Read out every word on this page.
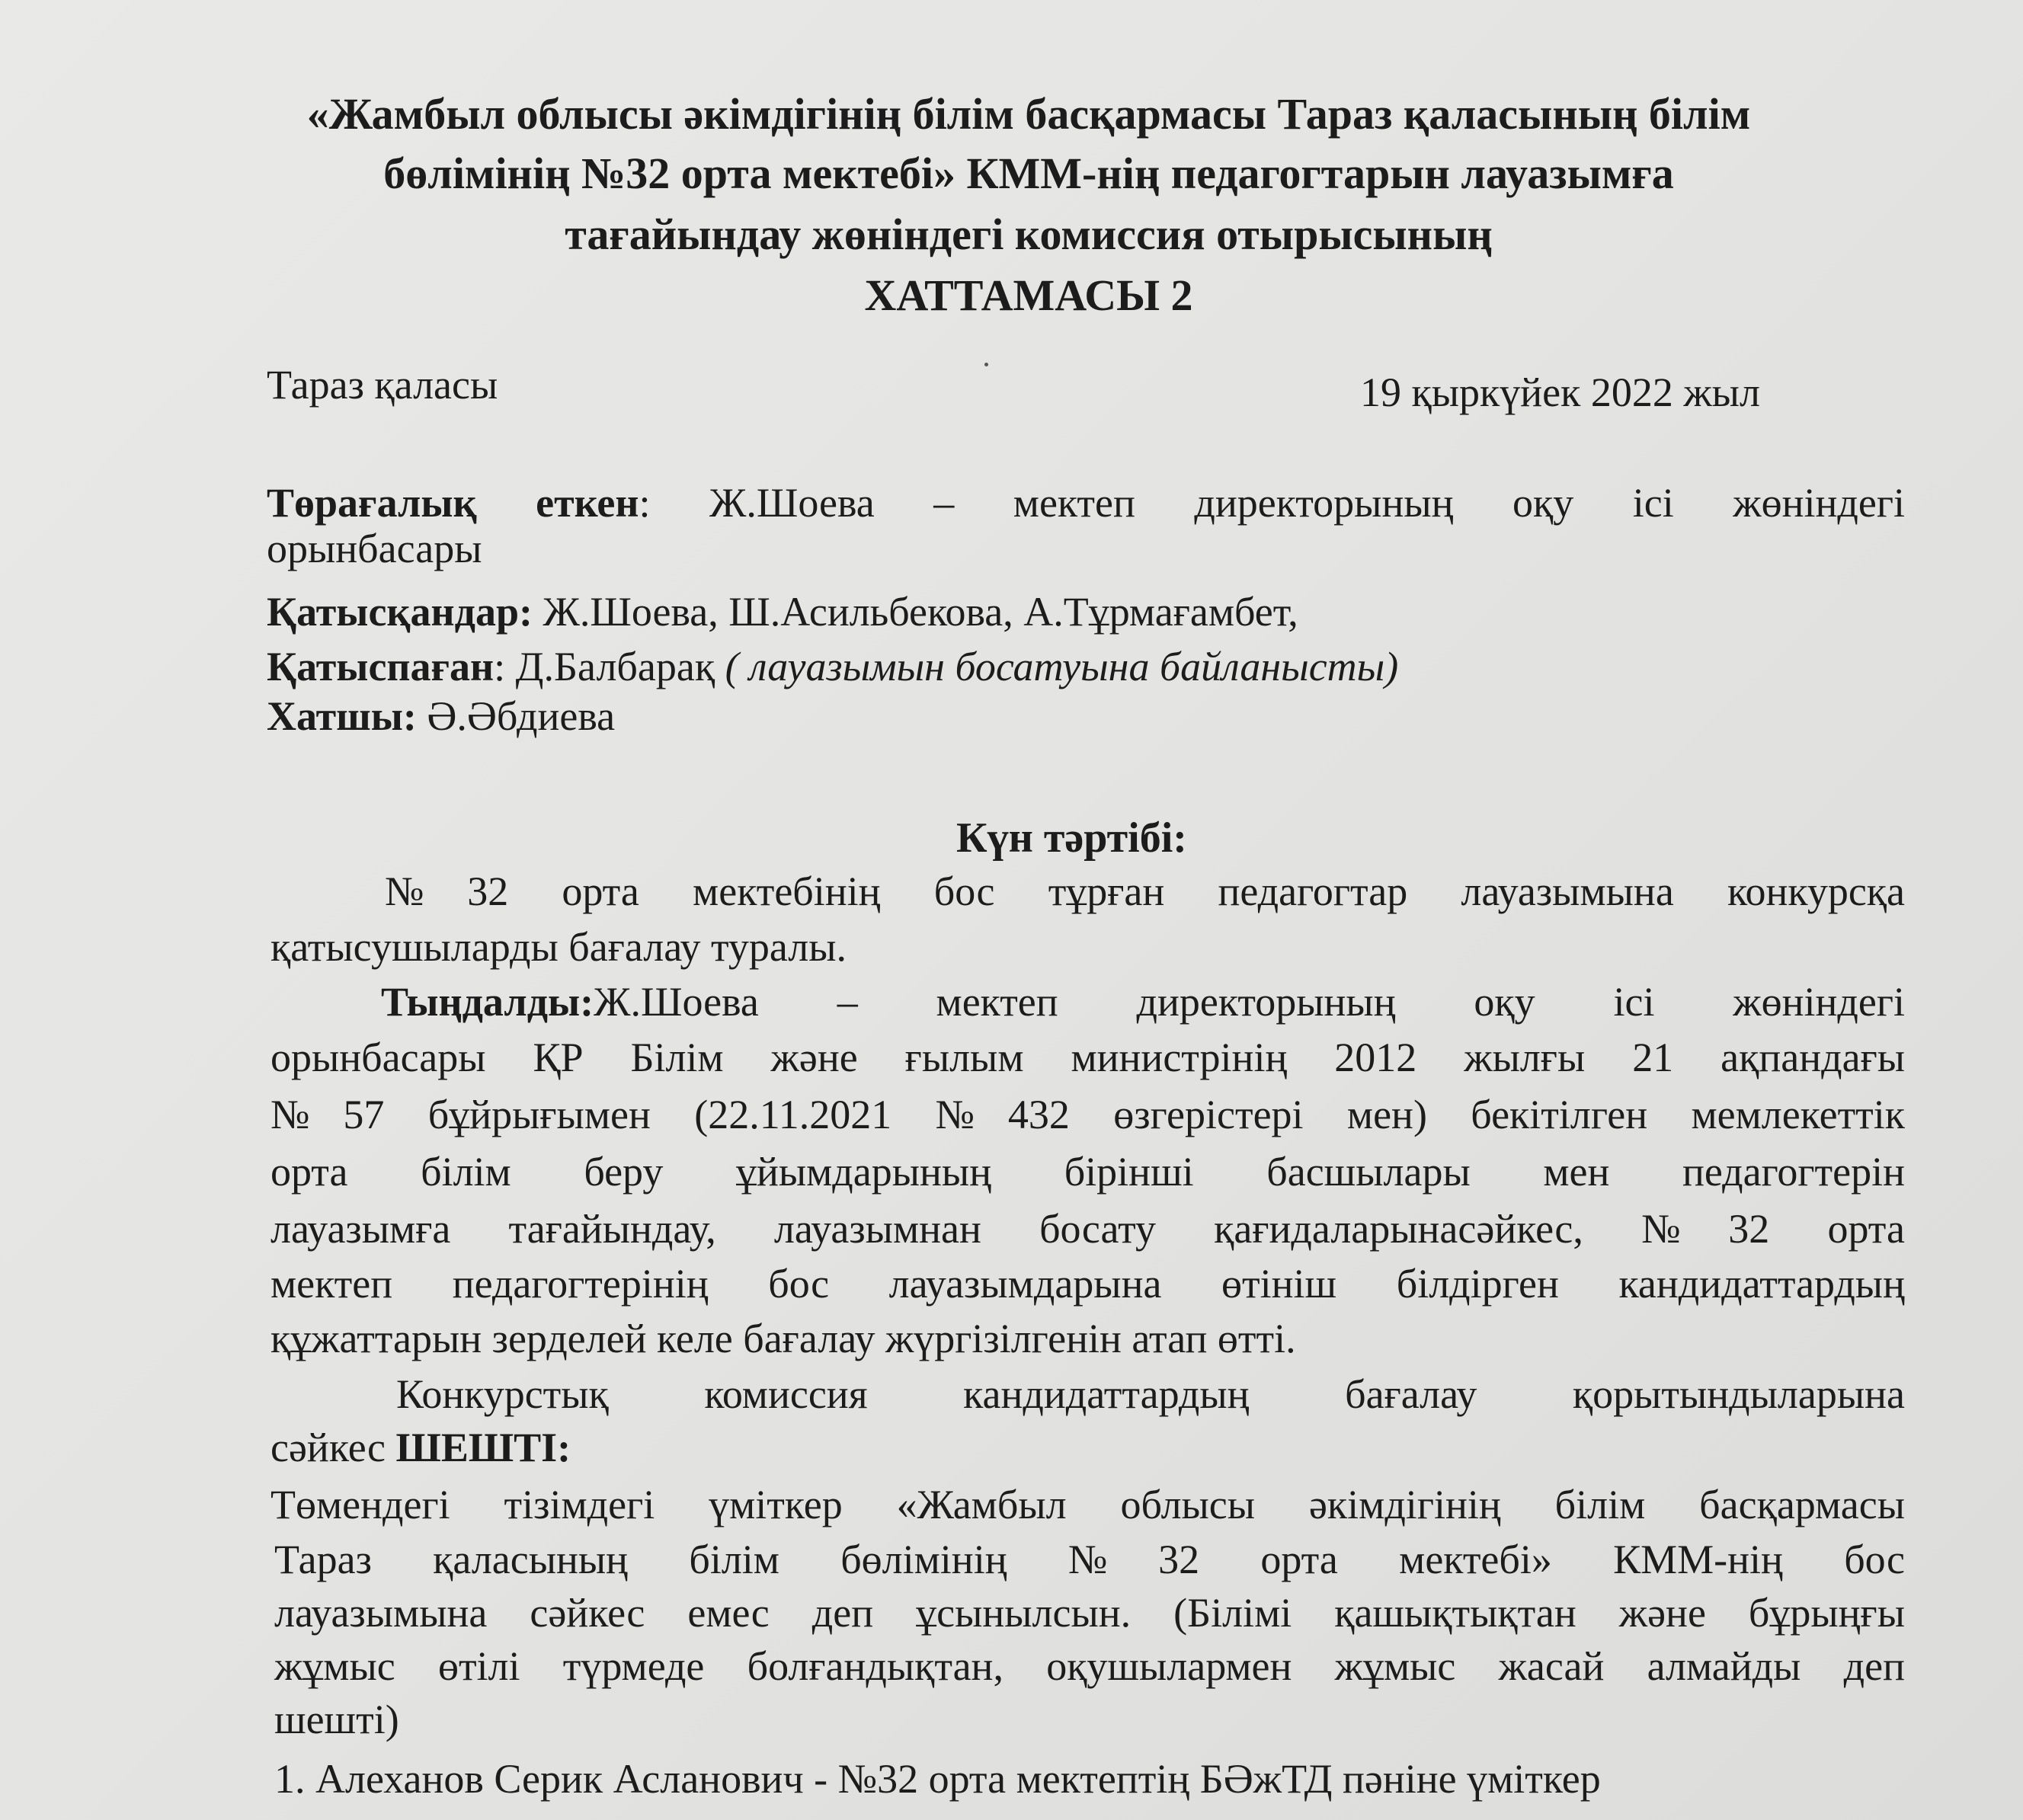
«Жамбыл облысы әкімдігінің білім басқармасы Тараз қаласының білім
бөлімінің №32 орта мектебі» КММ-нің педагогтарын лауазымға
тағайындау жөніндегі комиссия отырысының
ХАТТАМАСЫ 2
Тараз қаласы	19 қыркүйек 2022 жыл
Төрағалық еткен: Ж.Шоева – мектеп директорының оқу ісі жөніндегі
орынбасары
Қатысқандар: Ж.Шоева, Ш.Асильбекова, А.Тұрмағамбет,
Қатыспаған: Д.Балбарақ ( лауазымын босатуына байланысты)
Хатшы: Ә.Әбдиева
Күн тәртібі:
№32 орта мектебінің бос тұрған педагогтар лауазымына конкурсқа
қатысушыларды бағалау туралы.
Тыңдалды:Ж.Шоева – мектеп директорының оқу ісі жөніндегі
орынбасары ҚР Білім және ғылым министрінің 2012 жылғы 21 ақпандағы
№57 бұйрығымен (22.11.2021 №432 өзгерістері мен) бекітілген мемлекеттік
орта білім беру ұйымдарының бірінші басшылары мен педагогтерін
лауазымға тағайындау, лауазымнан босату қағидаларынасәйкес, №32 орта
мектеп педагогтерінің бос лауазымдарына өтініш білдірген кандидаттардың
құжаттарын зерделей келе бағалау жүргізілгенін атап өтті.
Конкурстық комиссия кандидаттардың бағалау қорытындыларына
сәйкес ШЕШТІ:
Төмендегі тізімдегі үміткер «Жамбыл облысы әкімдігінің білім басқармасы
Тараз қаласының білім бөлімінің №32 орта мектебі» КММ-нің бос
лауазымына сәйкес емес деп ұсынылсын. (Білімі қашықтықтан және бұрыңғы
жұмыс өтілі түрмеде болғандықтан, оқушылармен жұмыс жасай алмайды деп
шешті)
1. Алеханов Серик Асланович - №32 орта мектептің БӘжТД пәніне үміткер
